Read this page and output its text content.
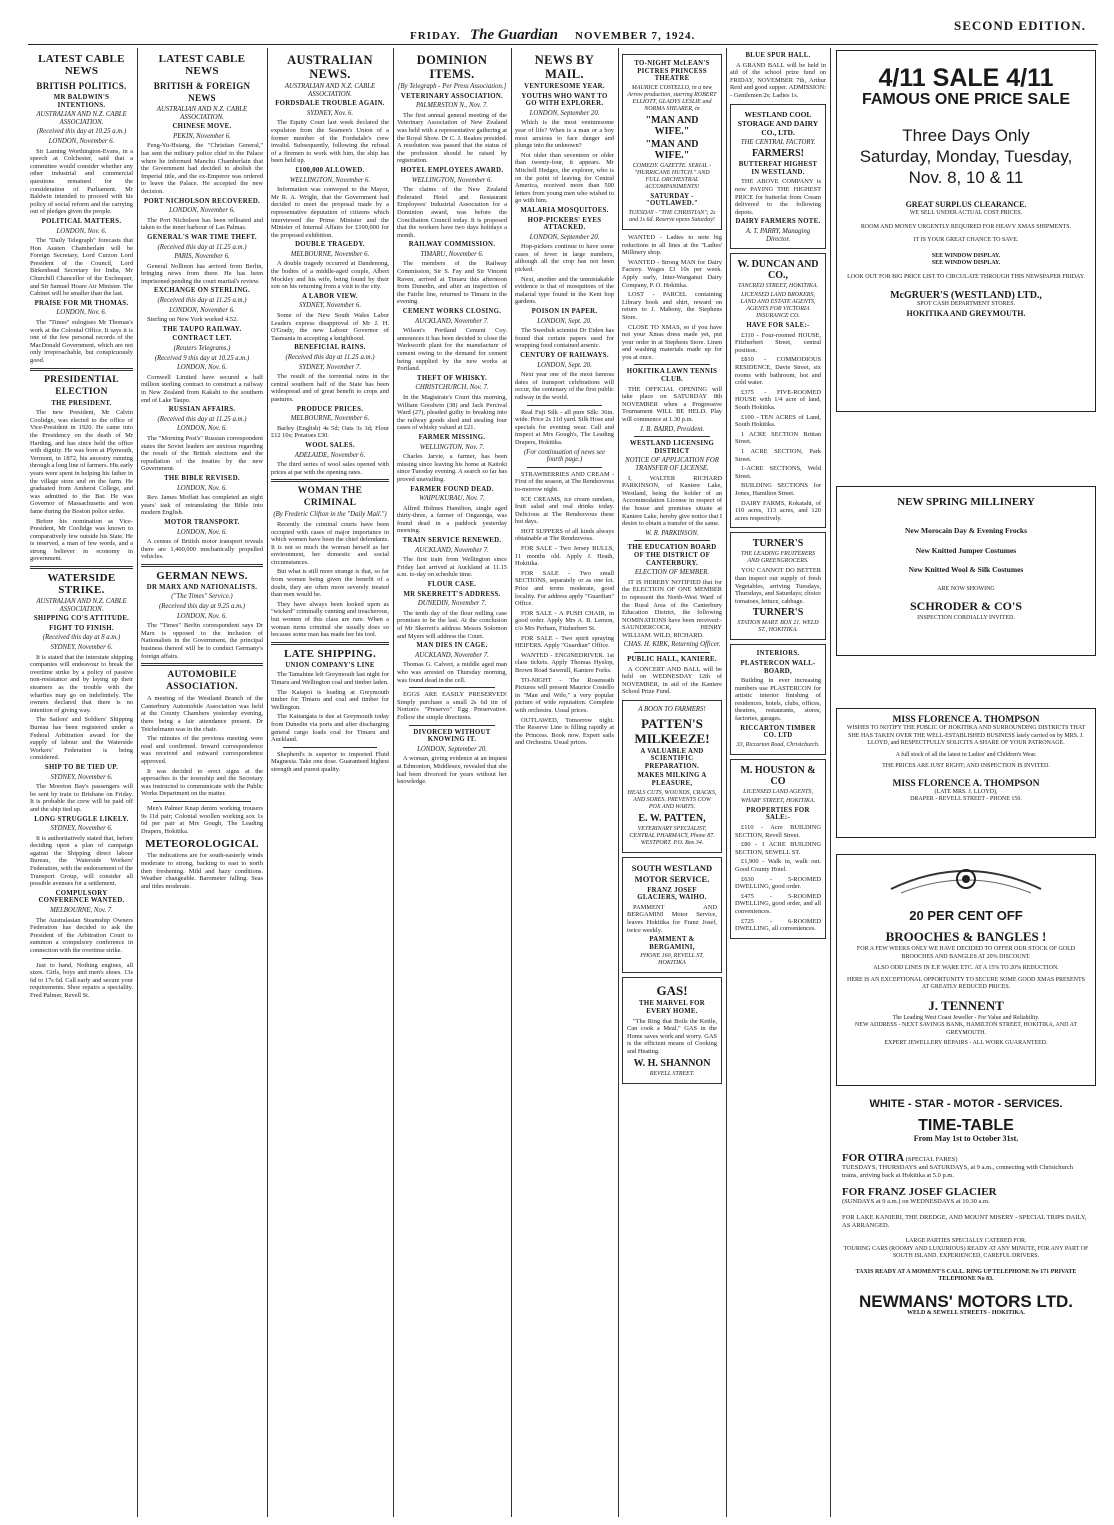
SECOND EDITION.
FRIDAY. The Guardian NOVEMBER 7, 1924.
LATEST CABLE NEWS
BRITISH POLITICS.
MR BALDWIN'S INTENTIONS.
AUSTRALIAN AND N.Z. CABLE ASSOCIATION.
(Received this day at 10.25 a.m.)
LONDON, November 6.

Sir Laming Worthington-Evans, in a speech at Colchester, said that a committee would consider whether any other industrial and commercial questions remained for the consideration of Parliament. Mr Baldwin intended to proceed with his policy of social reform and the carrying out of pledges given the people.

POLITICAL MATTERS.
LONDON, Nov. 6.

The "Daily Telegraph" forecasts that Hon Austen Chamberlain will be Foreign Secretary, Lord Curzon Lord President of the Council, Lord Birkenhead Secretary for India, Mr Churchill Chancellor of the Exchequer, and Sir Samuel Hoare Air Minister. The Cabinet will be smaller than the last.

PRAISE FOR MR THOMAS.
LONDON, Nov. 6.

The "Times" eulogises Mr Thomas's work at the Colonial Office. It says it is one of the few personal records of the MacDonald Government, which are not only irreproachable, but conspicuously good.

PRESIDENTIAL ELECTION
THE PRESIDENT.

The new President, Mr Calvin Coolidge, was elected to the office of Vice-President in 1920. He came into the Presidency on the death of Mr Harding, and has since held the office with dignity. He was born at Plymouth, Vermont, in 1872, his ancestry running through a long line of farmers. His early years were spent in helping his father in the village store and on the farm. He graduated from Amherst College, and was admitted to the Bar. He was Governor of Massachusetts and won fame during the Boston police strike.

Before his nomination as Vice-President, Mr Coolidge was known to comparatively few outside his State. He is reserved, a man of few words, and a strong believer in economy in government.

WATERSIDE STRIKE.
AUSTRALIAN AND N.Z. CABLE ASSOCIATION.
SHIPPING CO'S ATTITUDE.
FIGHT TO FINISH.
(Received this day at 8 a.m.)
SYDNEY, November 6.

It is stated that the interstate shipping companies will endeavour to break the overtime strike by a policy of passive non-resistance and by laying up their steamers as the trouble with the wharfies may go on indefinitely. The owners declared that there is no intention of giving way.

The Sailors' and Soldiers' Shipping Bureau has been registered under a Federal Arbitration award for the supply of labour and the Waterside Workers' Federation is being considered.

SHIP TO BE TIED UP.
SYDNEY, November 6.

The Moreton Bay's passengers will be sent by train to Brisbane on Friday. It is probable the crew will be paid off and the ship tied up.

LONG STRUGGLE LIKELY.
SYDNEY, November 6.

It is authoritatively stated that, before deciding upon a plan of campaign against the Shipping direct labour Bureau, the Waterside Workers' Federation, with the endorsement of the Transport Group, will consider all possible avenues for a settlement.

COMPULSORY CONFERENCE WANTED.
MELBOURNE, Nov. 7.

The Australasian Steamship Owners Federation has decided to ask the President of the Arbitration Court to summon a compulsory conference in connection with the overtime strike.

Just to hand, Nothing engines, all sizes. Girls, boys and men's shoes. 13s 6d to 17s 6d. Call early and secure your requirements. Shoe repairs a speciality. Fred Palmer, Revell St.

LATEST CABLE NEWS
BRITISH & FOREIGN NEWS
AUSTRALIAN AND N.Z. CABLE ASSOCIATION.
CHINESE MOVE.
PEKIN, November 6.

Feng-Yu-Hsiang, the "Christian General," has sent the military police chief to the Palace where he informed Manchu Chamberlain that the Government had decided to abolish the Imperial title, and the ex-Emperor was ordered to leave the Palace. He accepted the new decision.

PORT NICHOLSON RECOVERED.
LONDON, November 6.

The Port Nicholson has been refloated and taken to the inner harbour of Las Palmas.

GENERAL'S WAR TIME THEFT.
(Received this day at 11.25 a.m.)
PARIS, November 6.

General Nollinon has arrived from Berlin, bringing news from there. He has been imprisoned pending the court martial's review.

EXCHANGE ON STERLING.
(Received this day at 11.25 a.m.)
LONDON, November 6.

Sterling on New York worked 4.52.

THE TAUPO RAILWAY.
CONTRACT LET.
(Reuters Telegrams.)
(Received 9 this day at 10.25 a.m.)
LONDON, Nov. 6.

Cornwell Limited have secured a half million sterling contract to construct a railway in New Zealand from Kakahi to the southern end of Lake Taupo.

RUSSIAN AFFAIRS.
(Received this day at 11.25 a.m.)
LONDON, Nov. 6.

The "Morning Post's" Russian correspondent states the Soviet leaders are anxious regarding the result of the British elections and the repudiation of the treaties by the new Government.

THE BIBLE REVISED.
LONDON, Nov. 6.

Rev. James Moffatt has completed an eight years' task of retranslating the Bible into modern English.

MOTOR TRANSPORT.
LONDON, Nov. 6.

A census of British motor transport reveals there are 1,400,000 mechanically propelled vehicles.

GERMAN NEWS.
DR MARX AND NATIONALISTS.
("The Times" Service.)
(Received this day at 9.25 a.m.)
LONDON, Nov. 6.

The "Times" Berlin correspondent says Dr Marx is opposed to the inclusion of Nationalists in the Government, the principal business thereof will be to conduct Germany's foreign affairs.

AUTOMOBILE ASSOCIATION.

A meeting of the Westland Branch of the Canterbury Automobile Association was held at the County Chambers yesterday evening, there being a fair attendance present. Dr Teichelmann was in the chair.

The minutes of the previous meeting were read and confirmed. Inward correspondence was received and outward correspondence approved.

It was decided to erect signs at the approaches to the township and the Secretary was instructed to communicate with the Public Works Department on the matter.

Men's Palmer Knap denim working trousers 9s 11d pair; Colonial woollen working sox 1s 6d per pair at Mrs Gough, The Leading Drapers, Hokitika.

METEOROLOGICAL

The indications are for south-easterly winds moderate to strong, backing to east to north then freshening. Mild and hazy conditions. Weather changeable. Barometer falling. Seas and tides moderate.

AUSTRALIAN NEWS.
AUSTRALIAN AND N.Z. CABLE ASSOCIATION.
FORDSDALE TROUBLE AGAIN.
SYDNEY, Nov. 6.

The Equity Court last week declared the expulsion from the Seamen's Union of a former member of the Fordsdale's crew invalid. Subsequently, following the refusal of a firemen to work with him, the ship has been held up.

£100,000 ALLOWED.
WELLINGTON, November 6.

Information was conveyed to the Mayor, Mr R. A. Wright, that the Government had decided to meet the proposal made by a representative deputation of citizens which interviewed the Prime Minister and the Minister of Internal Affairs for £100,000 for the proposed exhibition.

DOUBLE TRAGEDY.
MELBOURNE, November 6.

A double tragedy occurred at Dandenong, the bodies of a middle-aged couple, Albert Mockley and his wife, being found by their son on his returning from a visit to the city.

A LABOR VIEW.
SYDNEY, November 6.

Some of the New South Wales Labor Leaders express disapproval of Mr J. H. O'Grady, the new Labour Governor of Tasmania in accepting a knighthood.

BENEFICIAL RAINS.
(Received this day at 11.25 a.m.)
SYDNEY, November 7.

The result of the torrential rains in the central southern half of the State has been widespread and of great benefit to crops and pastures.

PRODUCE PRICES.
MELBOURNE, November 6.

Barley (English) 4s 5d; Oats 3s 3d; Flour £12 10s; Potatoes £30.

WOOL SALES.
ADELAIDE, November 6.

The third series of wool sales opened with prices at par with the opening rates.

WOMAN THE CRIMINAL
(By Frederic Clifton in the "Daily Mail.")

Recently the criminal courts have been occupied with cases of major importance in which women have been the chief defendants. It is not so much the woman herself as her environment, her domestic and social circumstances.

But what is still more strange is that, so far from women being given the benefit of a doubt, they are often more severely treated than men would be.

They have always been looked upon as "wicked" criminally cunning and treacherous, but women of this class are rare. When a woman turns criminal she usually does so because some man has made her his tool.

LATE SHIPPING.
UNION COMPANY'S LINE

The Tamahine left Greymouth last night for Timaru and Wellington coal and timber laden.

The Kaiapoi is loading at Greymouth timber for Timaru and coal and timber for Wellington.

The Kaitangata is due at Greymouth today from Dunedin via ports and after discharging general cargo loads coal for Timaru and Auckland.

Shepherd's is superior to imported Fluid Magnesia. Take one dose. Guaranteed highest strength and purest quality.

DOMINION ITEMS.
[By Telegraph - Per Press Association.]
VETERINARY ASSOCIATION.
PALMERSTON N., Nov. 7.

The first annual general meeting of the Veterinary Association of New Zealand was held with a representative gathering at the Royal Show. Dr C. J. Reakes presided. A resolution was passed that the status of the profession should be raised by registration.

HOTEL EMPLOYEES AWARD.
WELLINGTON, November 6.

The claims of the New Zealand Federated Hotel and Restaurant Employees' Industrial Association for a Dominion award, was before the Conciliation Council today. It is proposed that the workers have two days holidays a month.

RAILWAY COMMISSION.
TIMARU, November 6.

The members of the Railway Commission, Sir S. Fay and Sir Vincent Raven, arrived at Timaru this afternoon from Dunedin, and after an inspection of the Fairlie line, returned to Timaru in the evening.

CEMENT WORKS CLOSING.
AUCKLAND, November 7.

Wilson's Portland Cement Coy. announces it has been decided to close the Warkworth plant for the manufacture of cement owing to the demand for cement being supplied by the new works at Portland.

THEFT OF WHISKY.
CHRISTCHURCH, Nov. 7.

In the Magistrate's Court this morning, William Goodwin (38) and Jack Percival Ward (27), pleaded guilty to breaking into the railway goods shed and stealing four cases of whisky valued at £21.

FARMER MISSING.
WELLINGTON, Nov. 7.

Charles Jarvie, a farmer, has been missing since leaving his home at Kaitoki since Tuesday evening. A search so far has proved unavailing.

FARMER FOUND DEAD.
WAIPUKURAU, Nov. 7.

Alfred Holmes Hamilton, single aged thirty-three, a farmer of Ongaonga, was found dead in a paddock yesterday morning.

TRAIN SERVICE RENEWED.
AUCKLAND, November 7.

The first train from Wellington since Friday last arrived at Auckland at 11.15 a.m. to-day on schedule time.

FLOUR CASE.
MR SKERRETT'S ADDRESS.
DUNEDIN, November 7.

The tenth day of the flour milling case promises to be the last. At the conclusion of Mr Skerrett's address Messrs Solomon and Myers will address the Court.

MAN DIES IN CAGE.
AUCKLAND, November 7.

Thomas G. Calvert, a middle aged man who was arrested on Thursday morning, was found dead in the cell.

EGGS ARE EASILY PRESERVED! Simply purchase a small 2s 6d tin of Norton's "Preservo" Egg Preservative. Follow the simple directions.

DIVORCED WITHOUT KNOWING IT.
LONDON, September 20.

A woman, giving evidence at an inquest at Edmonton, Middlesex, revealed that she had been divorced for years without her knowledge.

NEWS BY MAIL.
VENTURESOME YEAR.
YOUTHS WHO WANT TO GO WITH EXPLORER.
LONDON, September 20.

Which is the most venturesome year of life? When is a man or a boy most anxious to face danger and plunge into the unknown?

Not older than seventeen or older than twenty-four, it appears. Mr Mitchell Hedges, the explorer, who is on the point of leaving for Central America, received more than 500 letters from young men who wished to go with him.

MALARIA MOSQUITOES.
HOP-PICKERS' EYES ATTACKED.
LONDON, September 20.

Hop-pickers continue to have some cases of fever in large numbers, although all the crop has not been picked.

Next, another and the unmistakable evidence is that of mosquitoes of the malarial type found in the Kent hop gardens.

POISON IN PAPER.
LONDON, Sept. 20.

The Swedish scientist Dr Eiden has found that certain papers used for wrapping food contained arsenic.

CENTURY OF RAILWAYS.
LONDON, Sept. 20.

Next year one of the most famous dates of transport celebrations will occur, the centenary of the first public railway in the world.

Real Fuji Silk - all pure Silk: 36in. wide. Price 2s 11d yard. Silk Hose and specials for evening wear. Call and inspect at Mrs Gough's, The Leading Drapers, Hokitika.

(For continuation of news see fourth page.)

STRAWBERRIES AND CREAM - First of the season, at The Rendezvous to-morrow night.

ICE CREAMS, ice cream sundaes, fruit salad and real drinks today. Delicious at The Rendezvous these hot days.

HOT SUPPERS of all kinds always obtainable at The Rendezvous.

FOR SALE - Two Jersey BULLS, 11 months old. Apply J. Heath, Hokitika.

FOR SALE - Two small SECTIONS, separately or as one lot. Price and terms moderate, good locality. For address apply "Guardian" Office.

FOR SALE - A PUSH CHAIR, in good order. Apply Mrs A. B. Lemon, c/o Mrs Perham, Fitzherbert St.

FOR SALE - Two spirit spraying HEIFERS. Apply "Guardian" Office.

WANTED - ENGINEDRIVER. 1st class tickets. Apply Thomas Hyslop, Brown Road Sawmill, Kaniere Forks.

TO-NIGHT - The Roseneath Pictures will present Maurice Costello in "Man and Wife," a very popular picture of wide reputation. Complete with orchestra. Usual prices.

OUTLAWED, Tomorrow night. The Reserve Line is filling rapidly at the Princess. Book now. Expert sails and Orchestra. Usual prices.

TO-NIGHT McLEAN'S PICTRES PRINCESS THEATRE
MAURICE COSTELLO, in a new Arrow production, starring ROBERT ELLIOTT, GLADYS LESLIE and NORMA SHEARER, in
"MAN AND WIFE."
"MAN AND WIFE."
COMEDY. GAZETTE. SERIAL - "HURRICANE HUTCH." AND FULL ORCHESTRAL ACCOMPANIMENTS!
SATURDAY - "OUTLAWED."
TUESDAY - "THE CHRISTIAN"; 2s and 1s 6d. Reserve opens Saturday!

WANTED - Ladies to note big reductions in all lines at the "Ladies' Millinery shop.

WANTED - Strong MAN for Dairy Factory. Wages £3 10s per week. Apply early, Inter-Wanganui Dairy Company, P. O. Hokitika.

LOST - PARCEL containing Library book and shirt, reward on return to J. Mahony, the Stephens Store.

CLOSE TO XMAS, so if you have not your Xmas dress made yet, put your order in at Stephens Store. Linen and washing materials made up for you at once.

HOKITIKA LAWN TENNIS CLUB.

THE OFFICIAL OPENING will take place on SATURDAY 8th NOVEMBER when a Progressive Tournament WILL BE HELD. Play will commence at 1.30 p.m.

J. B. BAIRD, President.
WESTLAND LICENSING DISTRICT
NOTICE OF APPLICATION FOR TRANSFER OF LICENSE.

I, WALTER RICHARD PARKINSON, of Kaniere Lake, Westland, being the holder of an Accommodation License in respect of the house and premises situate at Kaniere Lake, hereby give notice that I desire to obtain a transfer of the same.

W. R. PARKINSON.
THE EDUCATION BOARD OF THE DISTRICT OF CANTERBURY.
ELECTION OF MEMBER.

IT IS HEREBY NOTIFIED that for the ELECTION OF ONE MEMBER to represent the North-West Ward of the Rural Area of the Canterbury Education District, the following NOMINATIONS have been received:- SAUNDERCOCK, HENRY WILLIAM. WILD, RICHARD.

CHAS. H. KIRK, Returning Officer.
PUBLIC HALL, KANIERE.

A CONCERT AND BALL will be held on WEDNESDAY 12th of NOVEMBER, in aid of the Kaniere School Prize Fund.

A BOON TO FARMERS!
PATTEN'S MILKEEZE!
A VALUABLE AND SCIENTIFIC PREPARATION.
MAKES MILKING A PLEASURE,
HEALS CUTS, WOUNDS, CRACKS, AND SORES. PREVENTS COW POX AND WARTS.
E. W. PATTEN,
VETERINARY SPECIALIST, CENTRAL PHARMACY, Phone 87. WESTPORT. P.O. Box 34.
SOUTH WESTLAND MOTOR SERVICE.
FRANZ JOSEF GLACIERS, WAIHO.

PAMMENT AND BERGAMINI Motor Service, leaves Hokitika for Franz Josef, twice weekly.

PAMMENT & BERGAMINI,
PHONE 160, REVELL ST, HOKITIKA
GAS!
THE MARVEL FOR EVERY HOME.

"The Ring that Boils the Kettle, Can cook a Meal." GAS in the Home saves work and worry. GAS is the efficient means of Cooking and Heating.

W. H. SHANNON
REVELL STREET.
BLUE SPUR HALL.

A GRAND BALL will be held in aid of the school prize fund on FRIDAY, NOVEMBER 7th, Arthur Reid and good supper. ADMISSION: - Gentlemen 2s; Ladies 1s.

WESTLAND COOL STORAGE AND DAIRY CO., LTD.
THE CENTRAL FACTORY.
FARMERS!
BUTTERFAT HIGHEST IN WESTLAND.

THE ABOVE COMPANY is now PAYING THE HIGHEST PRICE for butterfat from Cream delivered to the following depots.

DAIRY FARMERS NOTE.
A. T. PARRY, Managing Director.
W. DUNCAN AND CO.,
TANCRED STREET, HOKITIKA.
LICENSED LAND BROKERS, LAND AND ESTATE AGENTS, AGENTS FOR VICTORIA INSURANCE CO.
HAVE FOR SALE:-

£310 - Four-roomed HOUSE, Fitzherbert Street, central position.

£810 - COMMODIOUS RESIDENCE, Davie Street, six rooms with bathroom, hot and cold water.

£375 - FIVE-ROOMED HOUSE with 1/4 acre of land, South Hokitika.

£100 - TEN ACRES of Land, South Hokitika.

1 ACRE SECTION Brittan Street.

1 ACRE SECTION, Park Street.

1-ACRE SECTIONS, Weld Street.

BUILDING SECTIONS for Jones, Hamilton Street.

DAIRY FARMS, Kokatahi, of 110 acres, 113 acres, and 120 acres respectively.

TURNER'S
THE LEADING FRUITERERS AND GREENGROCERS.

YOU CANNOT DO BETTER than inspect our supply of fresh Vegetables, arriving Tuesdays, Thursdays, and Saturdays; choice tomatoes, lettuce, cabbage.

TURNER'S
STATION MART. BOX 21. WELD ST., HOKITIKA.
INTERIORS.
PLASTERCON WALL-BOARD,

Building in ever increasing numbers use PLASTERCON for artistic interior finishing of residences, hotels, clubs, offices, theatres, restaurants, stores, factories, garages.

RICCARTON TIMBER CO. LTD
33, Riccarton Road, Christchurch.
M. HOUSTON & CO
LICENSED LAND AGENTS,
WHARF STREET, HOKITIKA.
PROPERTIES FOR SALE:-

£110 - Acre BUILDING SECTION, Revell Street.

£80 - 1 ACRE BUILDING SECTION, SEWELL ST.

£1,900 - Walk in, walk out. Good County Hotel.

£630 - 5-ROOMED DWELLING, good order.

£475 - 5-ROOMED DWELLING, good order, and all conveniences.

£725 - 6-ROOMED DWELLING, all conveniences.

4/11 SALE 4/11
FAMOUS ONE PRICE SALE
Three Days Only
Saturday, Monday, Tuesday,
Nov. 8, 10 & 11
GREAT SURPLUS CLEARANCE.
WE SELL UNDER ACTUAL COST PRICES.
ROOM AND MONEY URGENTLY REQUIRED FOR HEAVY XMAS SHIPMENTS.
IT IS YOUR GREAT CHANCE TO SAVE.
SEE WINDOW DISPLAY.
SEE WINDOW DISPLAY.
LOOK OUT FOR BIG PRICE LIST TO CIRCULATE THROUGH THIS NEWSPAPER FRIDAY.
McGRUER'S (WESTLAND) LTD.,
SPOT CASH DEPARTMENT STORES.
HOKITIKA AND GREYMOUTH.
NEW SPRING MILLINERY
New Morocain Day & Evening Frocks
New Knitted Jumper Costumes
New Knitted Wool & Silk Costumes
ARE NOW SHOWING
SCHRODER & CO'S
INSPECTION CORDIALLY INVITED.
MISS FLORENCE A. THOMPSON
WISHES TO NOTIFY THE PUBLIC OF HOKITIKA AND SURROUNDING DISTRICTS THAT SHE HAS TAKEN OVER THE WELL-ESTABLISHED BUSINESS lately carried on by MRS. J. LLOYD, and RESPECTFULLY SOLICITS A SHARE OF YOUR PATRONAGE.
A full stock of all the latest in Ladies' and Children's Wear.
THE PRICES ARE JUST RIGHT; AND INSPECTION IS INVITED.
MISS FLORENCE A. THOMPSON
(LATE MRS. J. LLOYD),
DRAPER - REVELL STREET - PHONE 150.
20 PER CENT OFF
BROOCHES & BANGLES !
FOR A FEW WEEKS ONLY WE HAVE DECIDED TO OFFER OUR STOCK OF GOLD BROOCHES AND BANGLES AT 20% DISCOUNT.
ALSO ODD LINES IN E.P. WARE ETC. AT A 15% TO 20% REDUCTION.
HERE IS AN EXCEPTIONAL OPPORTUNITY TO SECURE SOME GOOD XMAS PRESENTS AT GREATLY REDUCED PRICES.
J. TENNENT
The Leading West Coast Jeweller - For Value and Reliability.
NEW ADDRESS - NEXT SAVINGS BANK, HAMILTON STREET, HOKITIKA, AND AT GREYMOUTH.
EXPERT JEWELLERY REPAIRS - ALL WORK GUARANTEED.
WHITE - STAR - MOTOR - SERVICES.
TIME-TABLE
From May 1st to October 31st.
FOR OTIRA (SPECIAL FARES)
TUESDAYS, THURSDAYS and SATURDAYS, at 9 a.m., connecting with Christchurch trains, arriving back at Hokitika at 5.0 p.m.
FOR FRANZ JOSEF GLACIER
(SUNDAYS at 9 a.m.) on WEDNESDAYS at 10.30 a.m.
FOR LAKE KANIERI, THE DREDGE, AND MOUNT MISERY - SPECIAL TRIPS DAILY, AS ARRANGED.
LARGE PARTIES SPECIALLY CATERED FOR.
TOURING CARS (ROOMY AND LUXURIOUS) READY AT ANY MINUTE, FOR ANY PART OF SOUTH ISLAND. EXPERIENCED, CAREFUL DRIVERS.
TAXIS READY AT A MOMENT'S CALL. RING UP TELEPHONE No 171 PRIVATE TELEPHONE No 83.
NEWMANS' MOTORS LTD.
WELD & SEWELL STREETS - HOKITIKA.
